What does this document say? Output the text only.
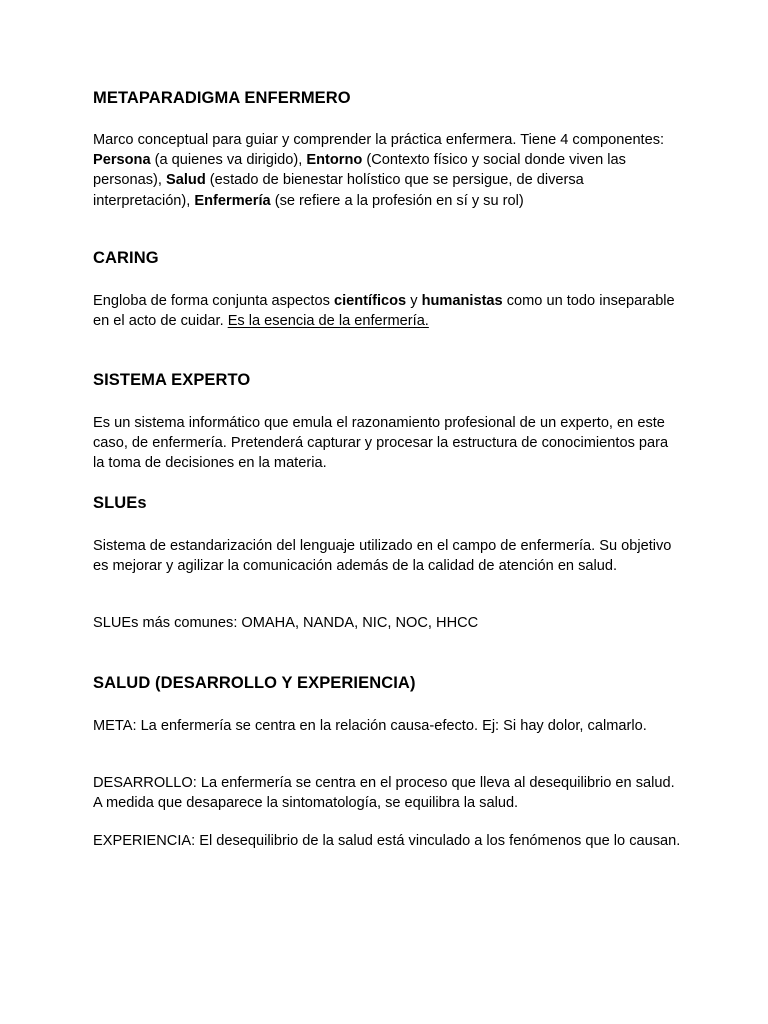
METAPARADIGMA ENFERMERO

Marco conceptual para guiar y comprender la práctica enfermera. Tiene 4 componentes: Persona (a quienes va dirigido), Entorno (Contexto físico y social donde viven las personas), Salud (estado de bienestar holístico que se persigue, de diversa interpretación), Enfermería (se refiere a la profesión en sí y su rol)

CARING

Engloba de forma conjunta aspectos científicos y humanistas como un todo inseparable en el acto de cuidar. Es la esencia de la enfermería.

SISTEMA EXPERTO

Es un sistema informático que emula el razonamiento profesional de un experto, en este caso, de enfermería. Pretenderá capturar y procesar la estructura de conocimientos para la toma de decisiones en la materia.

SLUEs

Sistema de estandarización del lenguaje utilizado en el campo de enfermería. Su objetivo es mejorar y agilizar la comunicación además de la calidad de atención en salud.

SLUEs más comunes: OMAHA, NANDA, NIC, NOC, HHCC

SALUD (DESARROLLO Y EXPERIENCIA)

META: La enfermería se centra en la relación causa-efecto. Ej: Si hay dolor, calmarlo.

DESARROLLO: La enfermería se centra en el proceso que lleva al desequilibrio en salud. A medida que desaparece la sintomatología, se equilibra la salud.

EXPERIENCIA: El desequilibrio de la salud está vinculado a los fenómenos que lo causan.
